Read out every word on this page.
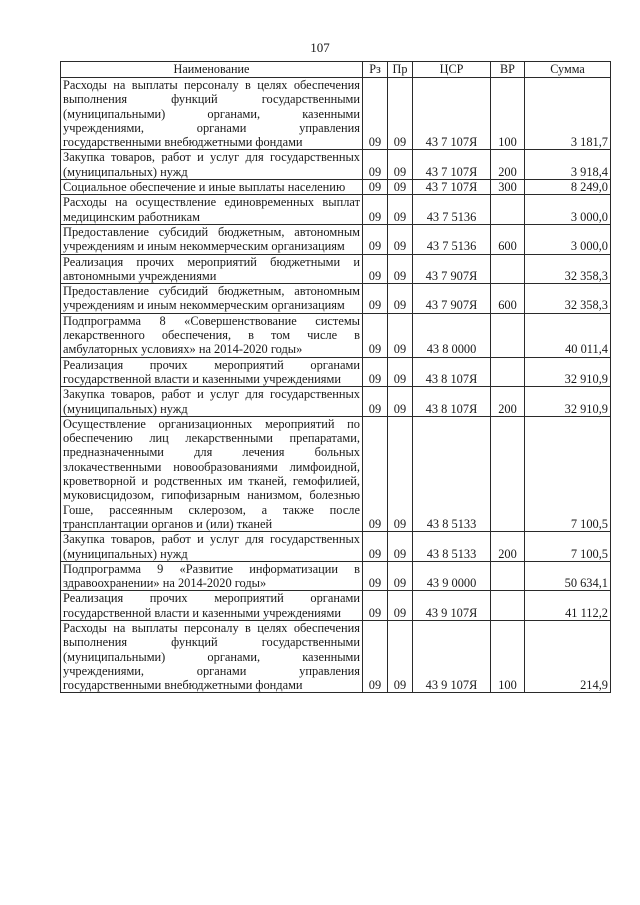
107
Наименование	Рз	Пр	ЦСР	ВР	Сумма
Расходы на выплаты персоналу в целях обеспечения выполнения функций государственными (муниципальными) органами, казенными учреждениями, органами управления государственными внебюджетными фондами	09	09	43 7 107Я	100	3 181,7
Закупка товаров, работ и услуг для государственных (муниципальных) нужд	09	09	43 7 107Я	200	3 918,4
Социальное обеспечение и иные выплаты населению	09	09	43 7 107Я	300	8 249,0
Расходы на осуществление единовременных выплат медицинским работникам	09	09	43 7 5136		3 000,0
Предоставление субсидий бюджетным, автономным учреждениям и иным некоммерческим организациям	09	09	43 7 5136	600	3 000,0
Реализация прочих мероприятий бюджетными и автономными учреждениями	09	09	43 7 907Я		32 358,3
Предоставление субсидий бюджетным, автономным учреждениям и иным некоммерческим организациям	09	09	43 7 907Я	600	32 358,3
Подпрограмма 8 «Совершенствование системы лекарственного обеспечения, в том числе в амбулаторных условиях» на 2014-2020 годы»	09	09	43 8 0000		40 011,4
Реализация прочих мероприятий органами государственной власти и казенными учреждениями	09	09	43 8 107Я		32 910,9
Закупка товаров, работ и услуг для государственных (муниципальных) нужд	09	09	43 8 107Я	200	32 910,9
Осуществление организационных мероприятий по обеспечению лиц лекарственными препаратами, предназначенными для лечения больных злокачественными новообразованиями лимфоидной, кроветворной и родственных им тканей, гемофилией, муковисцидозом, гипофизарным нанизмом, болезнью Гоше, рассеянным склерозом, а также после трансплантации органов и (или) тканей	09	09	43 8 5133		7 100,5
Закупка товаров, работ и услуг для государственных (муниципальных) нужд	09	09	43 8 5133	200	7 100,5
Подпрограмма 9 «Развитие информатизации в здравоохранении» на 2014-2020 годы»	09	09	43 9 0000		50 634,1
Реализация прочих мероприятий органами государственной власти и казенными учреждениями	09	09	43 9 107Я		41 112,2
Расходы на выплаты персоналу в целях обеспечения выполнения функций государственными (муниципальными) органами, казенными учреждениями, органами управления государственными внебюджетными фондами	09	09	43 9 107Я	100	214,9
